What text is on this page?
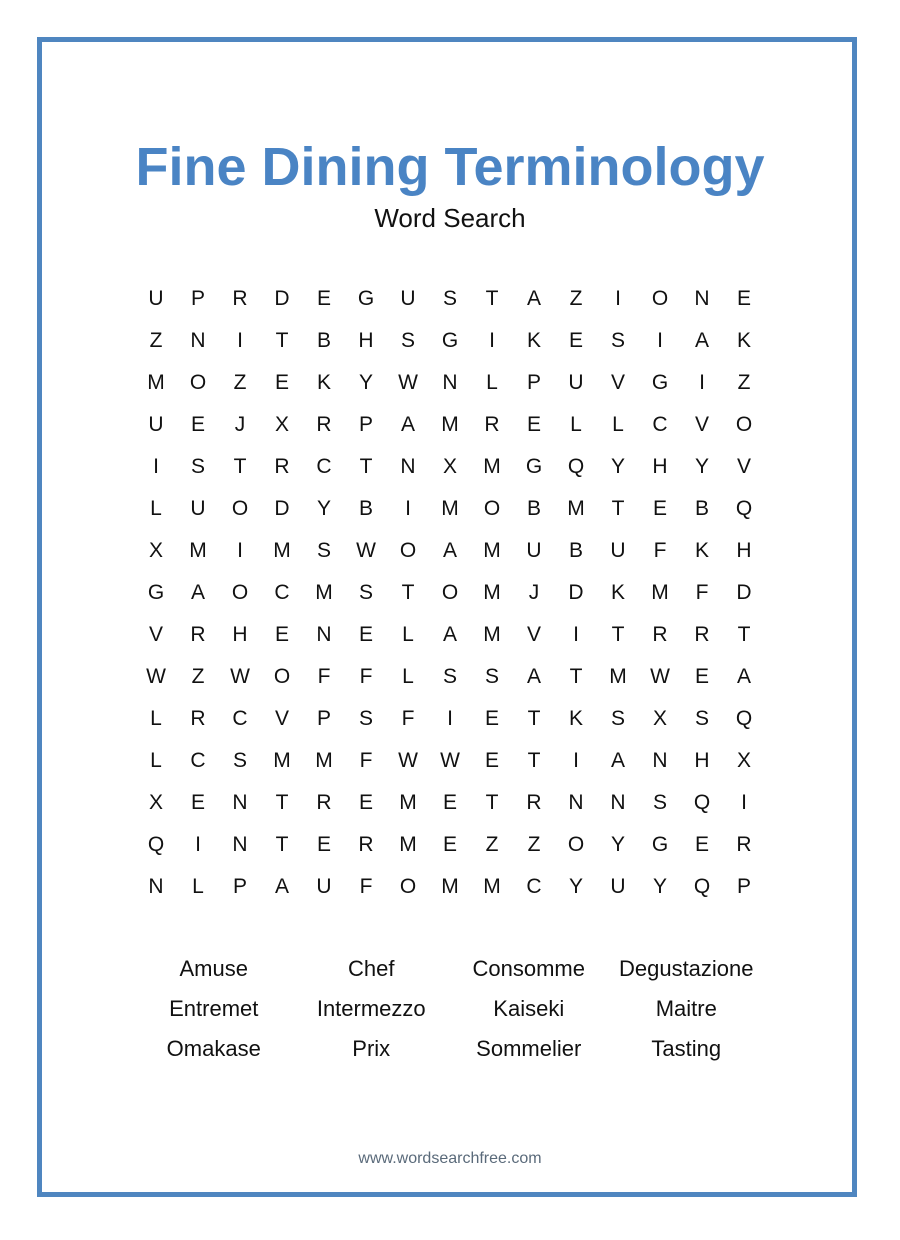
Fine Dining Terminology
Word Search
U	P	R	D	E	G	U	S	T	A	Z	I	O	N	E
Z	N	I	T	B	H	S	G	I	K	E	S	I	A	K
M	O	Z	E	K	Y	W	N	L	P	U	V	G	I	Z
U	E	J	X	R	P	A	M	R	E	L	L	C	V	O
I	S	T	R	C	T	N	X	M	G	Q	Y	H	Y	V
L	U	O	D	Y	B	I	M	O	B	M	T	E	B	Q
X	M	I	M	S	W	O	A	M	U	B	U	F	K	H
G	A	O	C	M	S	T	O	M	J	D	K	M	F	D
V	R	H	E	N	E	L	A	M	V	I	T	R	R	T
W	Z	W	O	F	F	L	S	S	A	T	M	W	E	A
L	R	C	V	P	S	F	I	E	T	K	S	X	S	Q
L	C	S	M	M	F	W	W	E	T	I	A	N	H	X
X	E	N	T	R	E	M	E	T	R	N	N	S	Q	I
Q	I	N	T	E	R	M	E	Z	Z	O	Y	G	E	R
N	L	P	A	U	F	O	M	M	C	Y	U	Y	Q	P
Amuse	Chef	Consomme	Degustazione
Entremet	Intermezzo	Kaiseki	Maitre
Omakase	Prix	Sommelier	Tasting
www.wordsearchfree.com
